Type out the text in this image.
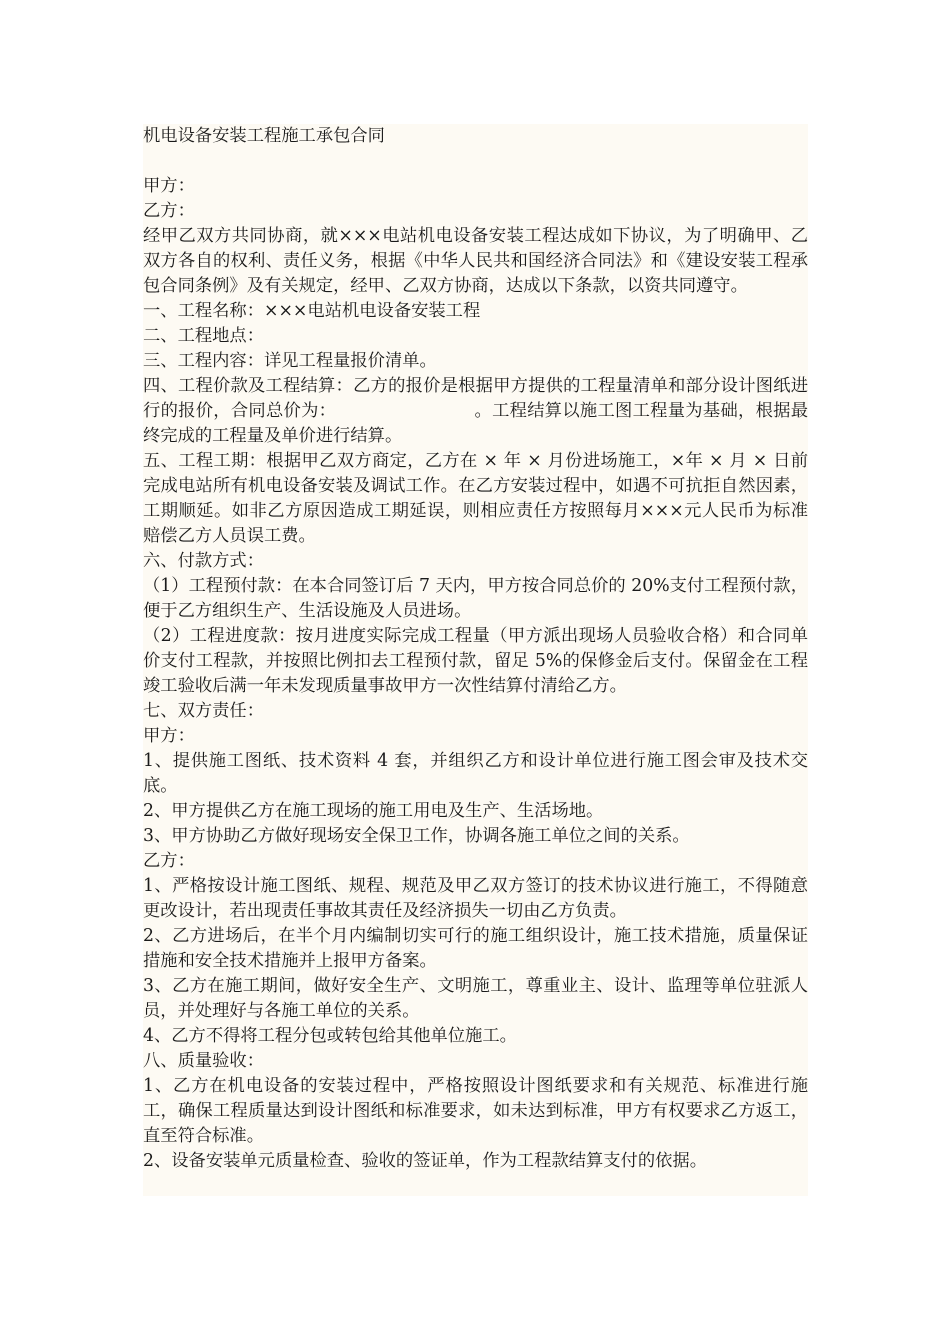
机电设备安装工程施工承包合同

甲方：

乙方：

经甲乙双方共同协商，就×××电站机电设备安装工程达成如下协议，为了明确甲、乙双方各自的权利、责任义务，根据《中华人民共和国经济合同法》和《建设安装工程承包合同条例》及有关规定，经甲、乙双方协商，达成以下条款，以资共同遵守。

一、工程名称：×××电站机电设备安装工程

二、工程地点：

三、工程内容：详见工程量报价清单。

四、工程价款及工程结算：乙方的报价是根据甲方提供的工程量清单和部分设计图纸进行的报价，合同总价为：	。工程结算以施工图工程量为基础，根据最终完成的工程量及单价进行结算。

五、工程工期：根据甲乙双方商定，乙方在 × 年 × 月份进场施工，×年 × 月 × 日前完成电站所有机电设备安装及调试工作。在乙方安装过程中，如遇不可抗拒自然因素，工期顺延。如非乙方原因造成工期延误，则相应责任方按照每月×××元人民币为标准赔偿乙方人员误工费。

六、付款方式：

（1）工程预付款：在本合同签订后 7 天内，甲方按合同总价的 20%支付工程预付款，便于乙方组织生产、生活设施及人员进场。

（2）工程进度款：按月进度实际完成工程量（甲方派出现场人员验收合格）和合同单价支付工程款，并按照比例扣去工程预付款，留足 5%的保修金后支付。保留金在工程竣工验收后满一年未发现质量事故甲方一次性结算付清给乙方。

七、双方责任：

甲方：

1、提供施工图纸、技术资料 4 套，并组织乙方和设计单位进行施工图会审及技术交底。

2、甲方提供乙方在施工现场的施工用电及生产、生活场地。

3、甲方协助乙方做好现场安全保卫工作，协调各施工单位之间的关系。

乙方：

1、严格按设计施工图纸、规程、规范及甲乙双方签订的技术协议进行施工，不得随意更改设计，若出现责任事故其责任及经济损失一切由乙方负责。

2、乙方进场后，在半个月内编制切实可行的施工组织设计，施工技术措施，质量保证措施和安全技术措施并上报甲方备案。

3、乙方在施工期间，做好安全生产、文明施工，尊重业主、设计、监理等单位驻派人员，并处理好与各施工单位的关系。

4、乙方不得将工程分包或转包给其他单位施工。

八、质量验收：

1、乙方在机电设备的安装过程中，严格按照设计图纸要求和有关规范、标准进行施工，确保工程质量达到设计图纸和标准要求，如未达到标准，甲方有权要求乙方返工，直至符合标准。

2、设备安装单元质量检查、验收的签证单，作为工程款结算支付的依据。
